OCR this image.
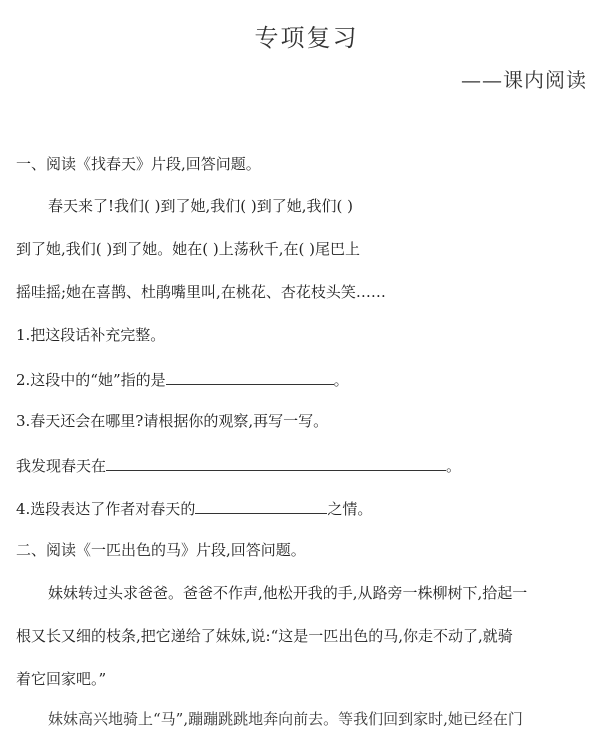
专项复习
——课内阅读
一、阅读《找春天》片段,回答问题。
春天来了!我们( )到了她,我们( )到了她,我们( )
到了她,我们( )到了她。她在( )上荡秋千,在( )尾巴上
摇哇摇;她在喜鹊、杜鹃嘴里叫,在桃花、杏花枝头笑……
1.把这段话补充完整。
2.这段中的“她”指的是	。
3.春天还会在哪里?请根据你的观察,再写一写。
我发现春天在	。
4.选段表达了作者对春天的	之情。
二、阅读《一匹出色的马》片段,回答问题。
妹妹转过头求爸爸。爸爸不作声,他松开我的手,从路旁一株柳树下,拾起一
根又长又细的枝条,把它递给了妹妹,说:“这是一匹出色的马,你走不动了,就骑
着它回家吧。”
妹妹高兴地骑上“马”,蹦蹦跳跳地奔向前去。等我们回到家时,她已经在门
